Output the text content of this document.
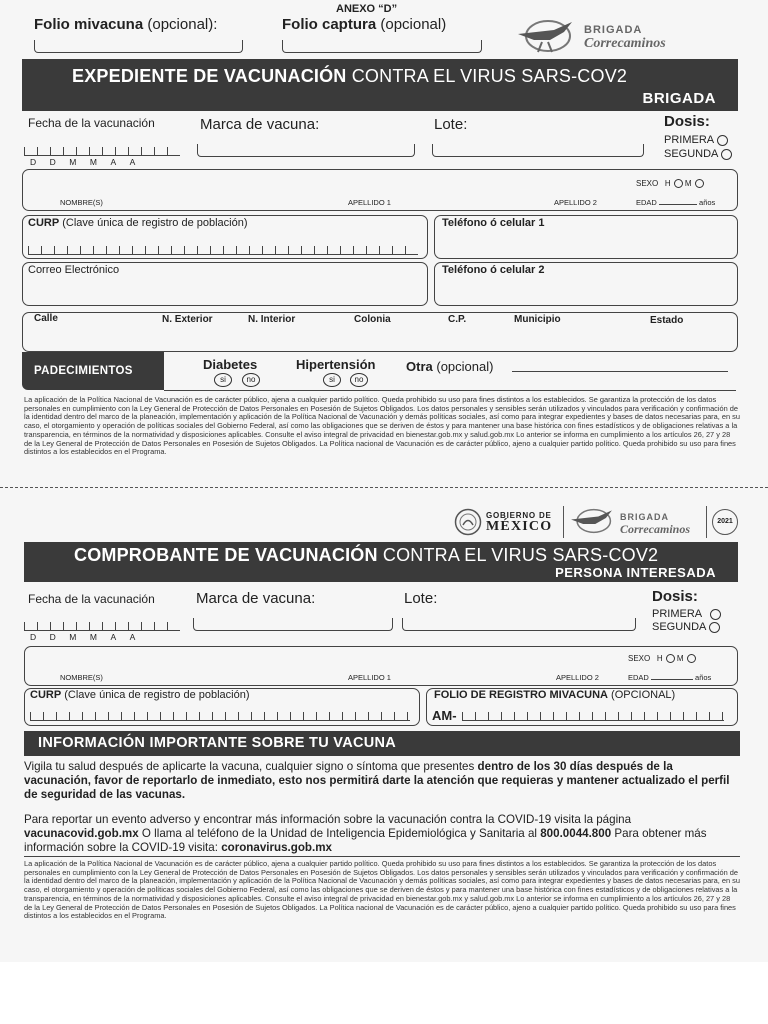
ANEXO “D”
Folio mivacuna (opcional):	Folio captura (opcional)	BRIGADA
Correcaminos
EXPEDIENTE DE VACUNACIÓN CONTRA EL VIRUS SARS-COV2
BRIGADA
Fecha de la vacunación
DDMMAA
Marca de vacuna:	Lote:	Dosis:
PRIMERA
SEGUNDA
SEXO H M
NOMBRE(S)	APELLIDO 1	APELLIDO 2	EDAD	años
CURP (Clave única de registro de población)	Teléfono ó celular 1
Correo Electrónico	Teléfono ó celular 2
Calle	N. Exterior	N. Interior	Colonia	C.P.	Municipio	Estado
PADECIMIENTOS	Diabetes
si	no
Hipertensión
si	no
Otra (opcional)
La aplicación de la Política Nacional de Vacunación es de carácter público, ajena a cualquier partido político. Queda prohibido su uso para fines distintos a los establecidos. Se garantiza la protección de los datos personales en cumplimiento con la Ley General de Protección de Datos Personales en Posesión de Sujetos Obligados. Los datos personales y sensibles serán utilizados y vinculados para verificación y confirmación de la identidad dentro del marco de la planeación, implementación y aplicación de la Política Nacional de Vacunación y demás políticas sociales, así como para integrar expedientes y bases de datos necesarias para, en su caso, el otorgamiento y operación de políticas sociales del Gobierno Federal, así como las obligaciones que se deriven de éstos y para mantener una base histórica con fines estadísticos y de obligaciones relativas a la transparencia, en términos de la normatividad y disposiciones aplicables. Consulte el aviso integral de privacidad en bienestar.gob.mx y salud.gob.mx Lo anterior se informa en cumplimiento a los artículos 26, 27 y 28 de la Ley General de Protección de Datos Personales en Posesión de Sujetos Obligados. La Política nacional de Vacunación es de carácter público, ajeno a cualquier partido político. Queda prohibido su uso para fines distintos a los establecidos en el Programa.
GOBIERNO DE
MÉXICO
BRIGADA
Correcaminos
2021
COMPROBANTE DE VACUNACIÓN CONTRA EL VIRUS SARS-COV2
PERSONA INTERESADA
Fecha de la vacunación
DDMMAA
Marca de vacuna:	Lote:	Dosis:
PRIMERA
SEGUNDA
SEXO H M
NOMBRE(S)	APELLIDO 1	APELLIDO 2	EDAD	años
CURP (Clave única de registro de población)	FOLIO DE REGISTRO MIVACUNA (OPCIONAL)
AM-
INFORMACIÓN IMPORTANTE SOBRE TU VACUNA
Vigila tu salud después de aplicarte la vacuna, cualquier signo o síntoma que presentes dentro de los 30 días después de la vacunación, favor de reportarlo de inmediato, esto nos permitirá darte la atención que requieras y mantener actualizado el perfil de seguridad de las vacunas.
Para reportar un evento adverso y encontrar más información sobre la vacunación contra la COVID-19 visita la página vacunacovid.gob.mx O llama al teléfono de la Unidad de Inteligencia Epidemiológica y Sanitaria al 800.0044.800 Para obtener más información sobre la COVID-19 visita: coronavirus.gob.mx
La aplicación de la Política Nacional de Vacunación es de carácter público, ajena a cualquier partido político. Queda prohibido su uso para fines distintos a los establecidos. Se garantiza la protección de los datos personales en cumplimiento con la Ley General de Protección de Datos Personales en Posesión de Sujetos Obligados. Los datos personales y sensibles serán utilizados y vinculados para verificación y confirmación de la identidad dentro del marco de la planeación, implementación y aplicación de la Política Nacional de Vacunación y demás políticas sociales, así como para integrar expedientes y bases de datos necesarias para, en su caso, el otorgamiento y operación de políticas sociales del Gobierno Federal, así como las obligaciones que se deriven de éstos y para mantener una base histórica con fines estadísticos y de obligaciones relativas a la transparencia, en términos de la normatividad y disposiciones aplicables. Consulte el aviso integral de privacidad en bienestar.gob.mx y salud.gob.mx Lo anterior se informa en cumplimiento a los artículos 26, 27 y 28 de la Ley General de Protección de Datos Personales en Posesión de Sujetos Obligados. La Política nacional de Vacunación es de carácter público, ajeno a cualquier partido político. Queda prohibido su uso para fines distintos a los establecidos en el Programa.
